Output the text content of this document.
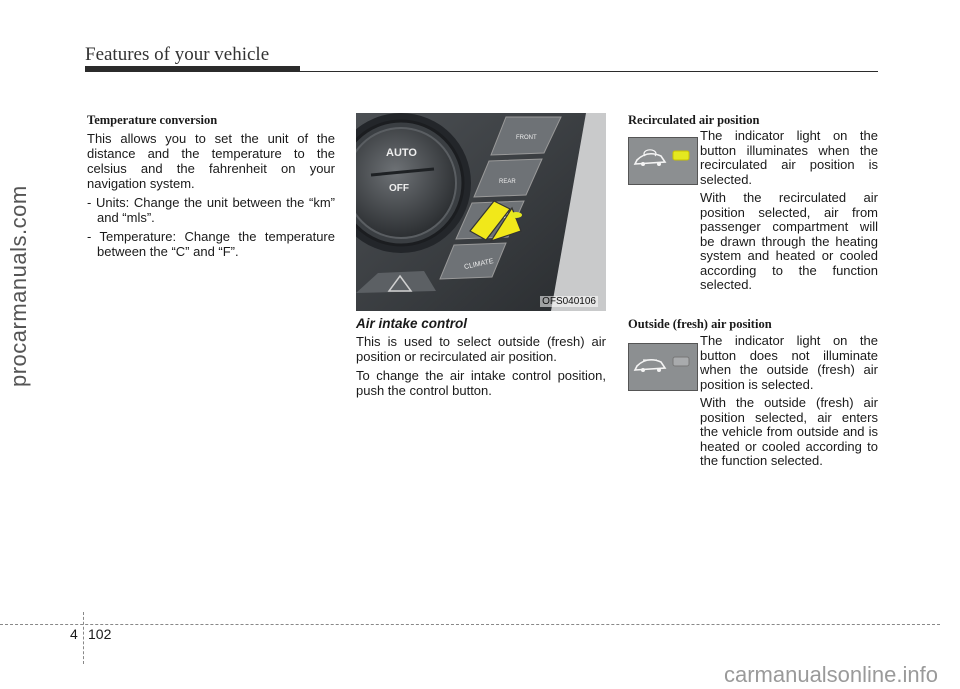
Features of your vehicle
Temperature conversion

This allows you to set the unit of the distance and the temperature to the celsius and the fahrenheit on your navigation system.

- Units: Change the unit between the “km” and “mls”.

- Temperature: Change the temperature between the “C” and “F”.

AUTO
OFF
FRONT
REAR
CLIMATE
OFS040106
Air intake control

This is used to select outside (fresh) air position or recirculated air position.

To change the air intake control position, push the control button.

Recirculated air position

The indicator light on the button illuminates when the recirculated air position is selected.

With the recirculated air position selected, air from passenger compartment will be drawn through the heating system and heated or cooled according to the function selected.

Outside (fresh) air position

The indicator light on the button does not illuminate when the outside (fresh) air position is selected.

With the outside (fresh) air position selected, air enters the vehicle from outside and is heated or cooled according to the function selected.

4 102
procarmanuals.com
carmanualsonline.info
